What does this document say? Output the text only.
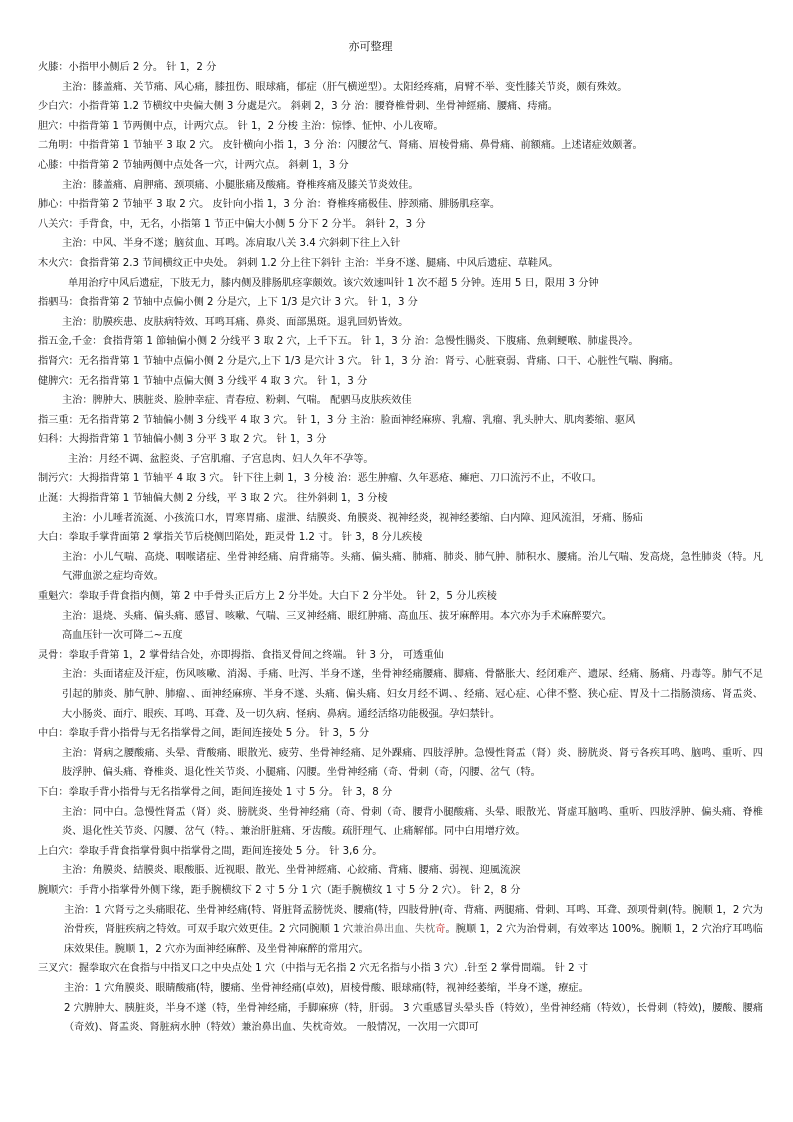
亦可整理

火膝：小指甲小侧后 2 分。 针 1，2 分

主治：膝盖痛、关节痛、风心痛，膝扭伤、眼球痛，郁症（肝气横逆型）。太阳经疼痛，肩臂不举、变性膝关节炎，颇有殊效。

少白穴：小指背第 1.2 节横纹中央偏大侧 3 分處是穴。 斜刺 2，3 分 治：腰脊椎骨刺、坐骨神經痛、腰痛、痔痛。

胆穴：中指背第 1 节两侧中点，计两穴点。 针 1，2 分梭 主治：惊悸、怔忡、小儿夜啼。

二角明：中指背第 1 节轴平 3 取 2 穴。 皮针横向小指 1，3 分 治：闪腰岔气、肾痛、眉棱骨痛、鼻骨痛、前额痛。上述诸症效颇著。

心膝：中指背第 2 节轴两侧中点处各一穴，计两穴点。 斜刺 1，3 分

主治：膝盖痛、肩胛痛、颈项痛、小腿胀痛及酸痛。脊椎疼痛及膝关节炎效佳。

肺心：中指背第 2 节轴平 3 取 2 穴。 皮针向小指 1，3 分 治：脊椎疼痛极佳、脖颈痛、腓肠肌痉挛。

八关穴：手背食，中，无名，小指第 1 节正中偏大小侧 5 分下 2 分半。 斜针 2，3 分

主治：中风、半身不遂；脑贫血、耳鸣。冻肩取八关 3.4 穴斜刺下往上入针

木火穴：食指背第 2.3 节间横纹正中央处。 斜刺 1.2 分上往下斜针 主治：半身不遂、腿痛、中风后遗症、草鞋风。

单用治疗中风后遗症，下肢无力，膝内侧及腓肠肌痉挛颇效。该穴效速叫针 1 次不超 5 分钟。连用 5 日，限用 3 分钟

指驷马：食指背第 2 节轴中点偏小侧 2 分是穴，上下 1/3 是穴计 3 穴。 针 1，3 分

主治：肋膜疾患、皮肤病特效、耳鸣耳痛、鼻炎、面部黑斑。退乳回奶皆效。

指五金,千金：食指背第 1 節轴偏小侧 2 分线平 3 取 2 穴，上千下五。 针 1，3 分 治：急慢性腸炎、下腹痛、魚刺鲠喉、肺虚畏冷。

指肾穴：无名指背第 1 节轴中点偏小侧 2 分是穴,上下 1/3 是穴计 3 穴。 针 1，3 分 治：肾亏、心脏衰弱、背痛、口干、心脏性气喘、胸痛。

健脾穴：无名指背第 1 节轴中点偏大侧 3 分线平 4 取 3 穴。 针 1，3 分

主治：脾肿大、胰脏炎、脸肿幸症、青春痘、粉刺、气喘。 配驷马皮肤疾效佳

指三重：无名指背第 2 节轴偏小侧 3 分线平 4 取 3 穴。 针 1，3 分 主治：脸面神经麻痹、乳瘤、乳瘤、乳头肿大、肌肉萎缩、驱风

妇科：大拇指背第 1 节轴偏小侧 3 分平 3 取 2 穴。 针 1，3 分

主治：月经不调、盆腔炎、子宫肌瘤、子宫息肉、妇人久年不孕等。

制污穴：大拇指背第 1 节轴平 4 取 3 穴。 针下往上刺 1，3 分棱 治：恶生肿瘤、久年恶疮、瘫疤、刀口流污不止，不收口。

止涎：大拇指背第 1 节轴偏大侧 2 分线，平 3 取 2 穴。 往外斜刺 1，3 分棱

主治：小儿唾者流涎、小孩流口水，胃寒胃痛、虚泄、结膜炎、角膜炎、视神经炎，视神经萎缩、白内障、迎风流泪，牙痛、肠疝

大白：拳取手掌背面第 2 掌指关节后桡侧凹陷处，距灵骨 1.2 寸。 针 3，8 分儿疾棱

主治：小儿气喘、高烧、咽喉诸症、坐骨神经痛、肩背痛等。头痛、偏头痛、肺痛、肺炎、肺气肿、肺积水、腰痛。治儿气喘、发高烧，急性肺炎（特。凡气滞血淤之症均奇效。

重魁穴：拳取手背食指内侧，第 2 中手骨头正后方上 2 分半处。大白下 2 分半处。 针 2，5 分儿疾棱

主治：退烧、头痛、偏头痛、感冒、咳嗽、气喘、三叉神经痛、眼红肿痛、高血压、拔牙麻醉用。本穴亦为手术麻醉要穴。

高血压针一次可降二~五度

灵骨：拳取手背第 1，2 掌骨结合处，亦即拇指、食指叉骨间之终端。 针 3 分， 可透重仙

主治：头面诸症及汗症，伤风咳嗽、消渴、手痛、吐泻、半身不遂，坐骨神经痛腰痛、脚痛、骨骼胀大、经闭难产、遗尿、经痛、肠痛、丹毒等。肺气不足引起的肺炎、肺气肿、肺瘤、、面神经麻痹、半身不遂、头痛、偏头痛、妇女月经不调、、经痛、冠心症、心律不整、狭心症、胃及十二指肠溃疡、肾盂炎、大小肠炎、面疔、眼疾、耳鸣、耳聋、及一切久病、怪病、鼻病。通经活络功能极强。孕妇禁针。

中白：拳取手背小指骨与无名指掌骨之间，距间连接处 5 分。 针 3，5 分

主治：肾病之腰酸痛、头晕、背酸痛、眼散光、疲劳、坐骨神经痛、足外踝痛、四肢浮肿。急慢性肾盂（肾）炎、膀胱炎、肾亏各疾耳鸣、脑鸣、重听、四肢浮肿、偏头痛、脊椎炎、退化性关节炎、小腿痛、闪腰。坐骨神经痛（奇、骨刺（奇，闪腰、岔气（特。

下白：拳取手背小指骨与无名指掌骨之间，距间连接处 1 寸 5 分。 针 3，8 分

主治：同中白。急慢性肾盂（肾）炎、膀胱炎、坐骨神经痛（奇、骨刺（奇、腰背小腿酸痛、头晕、眼散光、肾虚耳脑鸣、重听、四肢浮肿、偏头痛、脊椎炎、退化性关节炎、闪腰、岔气（特。、兼治肝脏痛、牙齿酸。疏肝理气、止痛解郁。同中白用增疗效。

上白穴：拳取手背食指掌骨與中指掌骨之間，距间连接处 5 分。 针 3,6 分。

主治：角膜炎、結膜炎、眼酸脹、近视眼、散光、坐骨神經痛、心絞痛、背痛、腰痛、弱视、迎風流淚

腕顺穴：手背小指掌骨外侧下缘，距手腕横纹下 2 寸 5 分 1 穴（距手腕横纹 1 寸 5 分 2 穴）。 针 2，8 分

主治：1 穴肾亏之头痛眼花、坐骨神经痛(特、肾脏肾孟膀恍炎、腰痛(特，四肢骨肿(奇、背痛、两腿痛、骨刺、耳鸣、耳聋、颈项骨刺(特。腕顺 1，2 穴为治骨疾，肾脏疾病之特效。可双手取穴效更佳。2 穴同腕顺 1 穴兼治鼻出血、失枕奇。腕顺 1，2 穴为治骨刺，有效率达 100%。腕顺 1，2 穴治疗耳鸣临床效果佳。腕顺 1，2 穴亦为面神经麻醉、及坐骨神麻醉的常用穴。

三叉穴：握拳取穴在食指与中指叉口之中央点处 1 穴（中指与无名指 2 穴无名指与小指 3 穴）.针至 2 掌骨間端。 针 2 寸

主治：1 穴角膜炎、眼睛酸痛(特，腰痛、坐骨神经痛(卓效)，眉棱骨酸、眼球痛(特，视神经萎缩，半身不遂，療症。

2 穴脾肿大、胰脏炎，半身不遂（特，坐骨神经痛，手脚麻痹（特，肝弱。 3 穴重感冒头晕头昏（特效），坐骨神经痛（特效），长骨刺（特效)，腰酸、腰痛（奇效)、肾盂炎、肾脏病水肿（特效）兼治鼻出血、失枕奇效。 一般情况，一次用一穴即可
